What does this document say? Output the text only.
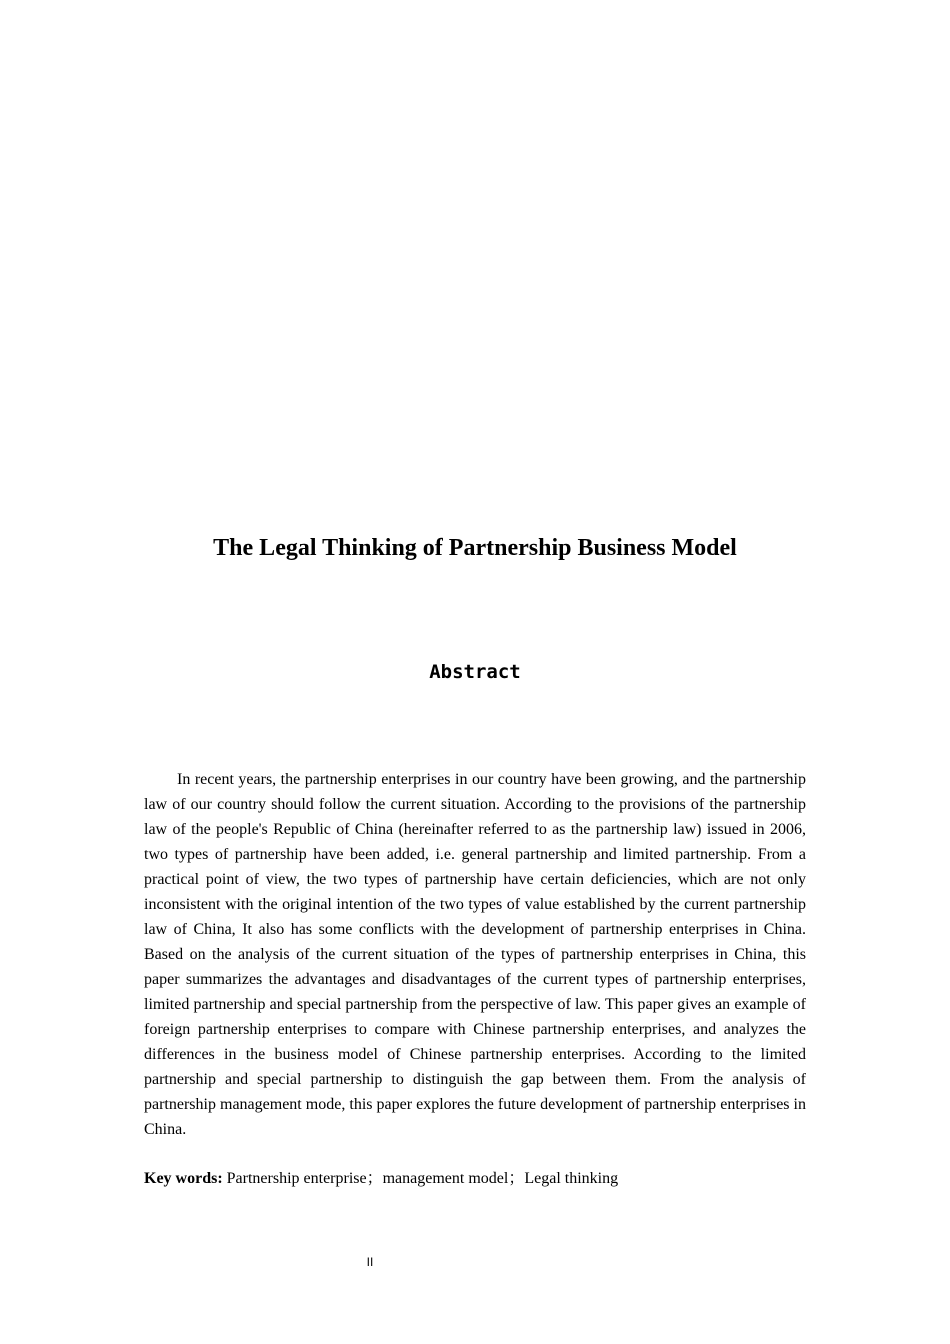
The Legal Thinking of Partnership Business Model
Abstract

In recent years, the partnership enterprises in our country have been growing, and the partnership law of our country should follow the current situation. According to the provisions of the partnership law of the people's Republic of China (hereinafter referred to as the partnership law) issued in 2006, two types of partnership have been added, i.e. general partnership and limited partnership. From a practical point of view, the two types of partnership have certain deficiencies, which are not only inconsistent with the original intention of the two types of value established by the current partnership law of China, It also has some conflicts with the development of partnership enterprises in China. Based on the analysis of the current situation of the types of partnership enterprises in China, this paper summarizes the advantages and disadvantages of the current types of partnership enterprises, limited partnership and special partnership from the perspective of law. This paper gives an example of foreign partnership enterprises to compare with Chinese partnership enterprises, and analyzes the differences in the business model of Chinese partnership enterprises. According to the limited partnership and special partnership to distinguish the gap between them. From the analysis of partnership management mode, this paper explores the future development of partnership enterprises in China.

Key words: Partnership enterprise；management model；Legal thinking

II
